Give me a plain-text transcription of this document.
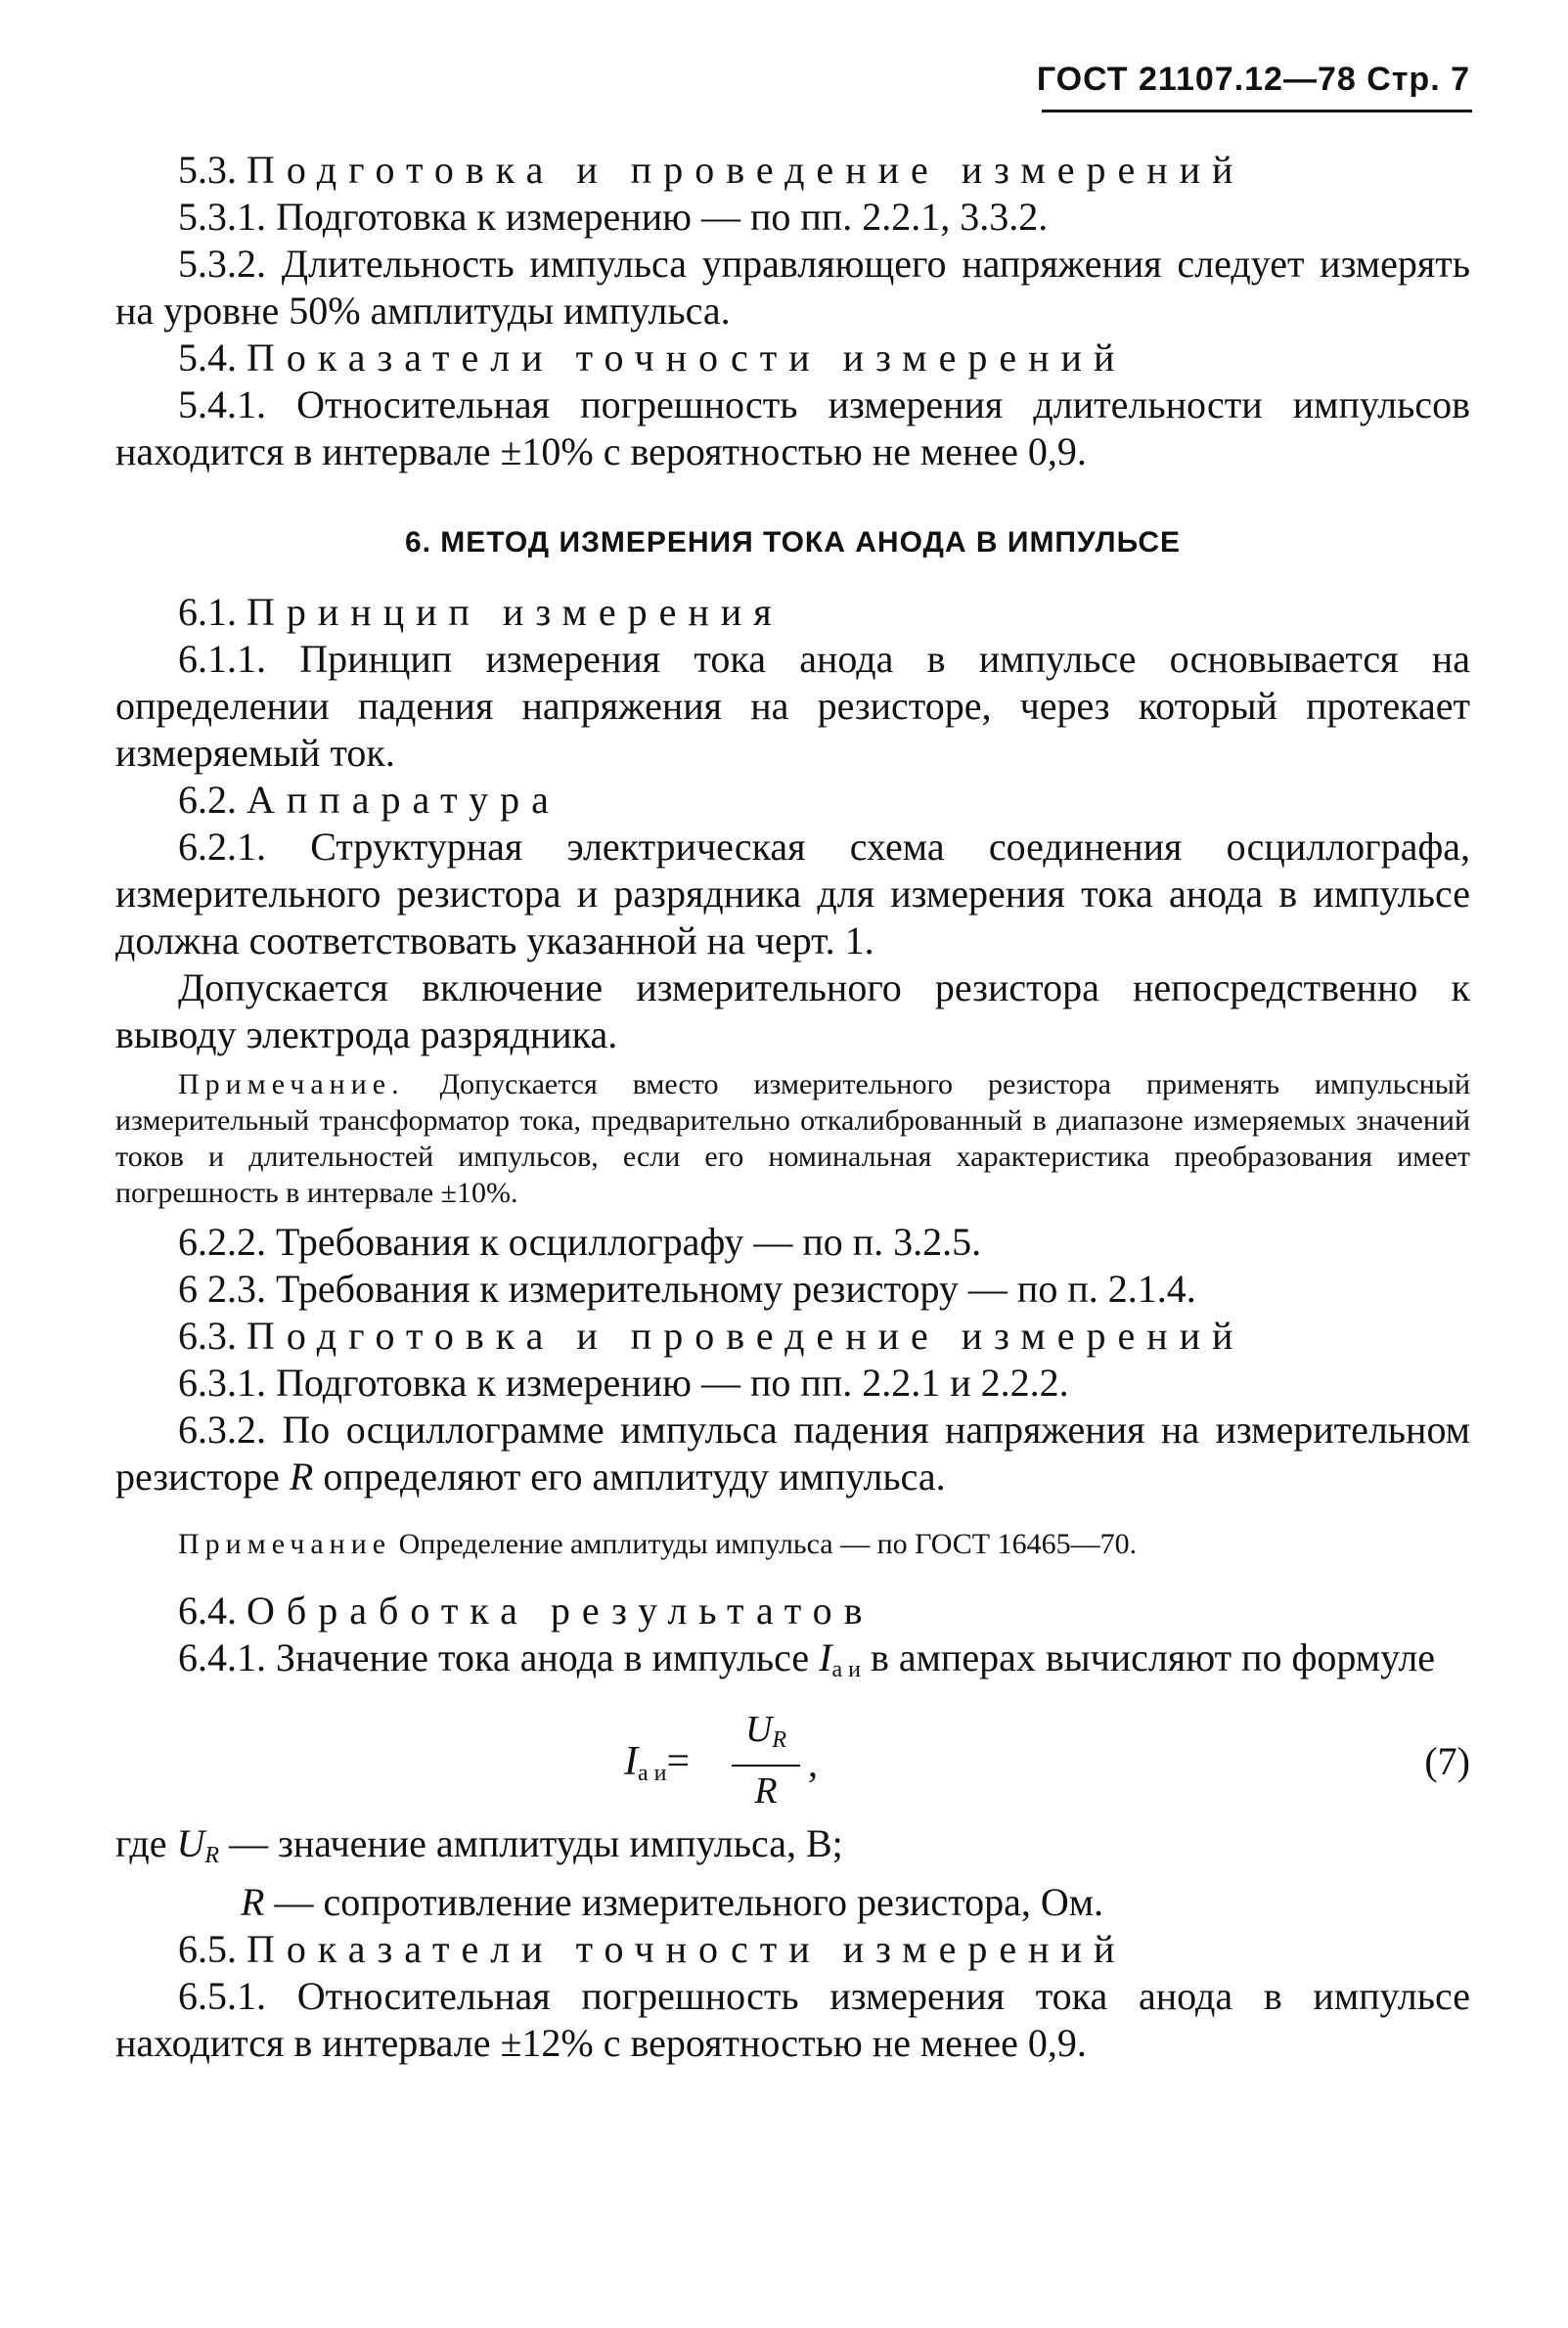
ГОСТ 21107.12—78 Стр. 7

5.3. Подготовка и проведение измерений

5.3.1. Подготовка к измерению — по пп. 2.2.1, 3.3.2.

5.3.2. Длительность импульса управляющего напряжения следует измерять на уровне 50% амплитуды импульса.

5.4. Показатели точности измерений

5.4.1. Относительная погрешность измерения длительности импульсов находится в интервале ±10% с вероятностью не менее 0,9.

6. МЕТОД ИЗМЕРЕНИЯ ТОКА АНОДА В ИМПУЛЬСЕ

6.1. Принцип измерения

6.1.1. Принцип измерения тока анода в импульсе основывается на определении падения напряжения на резисторе, через который протекает измеряемый ток.

6.2. Аппаратура

6.2.1. Структурная электрическая схема соединения осциллографа, измерительного резистора и разрядника для измерения тока анода в импульсе должна соответствовать указанной на черт. 1.

Допускается включение измерительного резистора непосредственно к выводу электрода разрядника.

Примечание. Допускается вместо измерительного резистора применять импульсный измерительный трансформатор тока, предварительно откалиброванный в диапазоне измеряемых значений токов и длительностей импульсов, если его номинальная характеристика преобразования имеет погрешность в интервале ±10%.

6.2.2. Требования к осциллографу — по п. 3.2.5.

6 2.3. Требования к измерительному резистору — по п. 2.1.4.

6.3. Подготовка и проведение измерений

6.3.1. Подготовка к измерению — по пп. 2.2.1 и 2.2.2.

6.3.2. По осциллограмме импульса падения напряжения на измерительном резисторе R определяют его амплитуду импульса.

Примечание Определение амплитуды импульса — по ГОСТ 16465—70.

6.4. Обработка результатов

6.4.1. Значение тока анода в импульсе Iа и в амперах вычисляют по формуле

$I_{а и}=$
UR
R
,	(7)

где UR — значение амплитуды импульса, В;

R — сопротивление измерительного резистора, Ом.

6.5. Показатели точности измерений

6.5.1. Относительная погрешность измерения тока анода в импульсе находится в интервале ±12% с вероятностью не менее 0,9.
